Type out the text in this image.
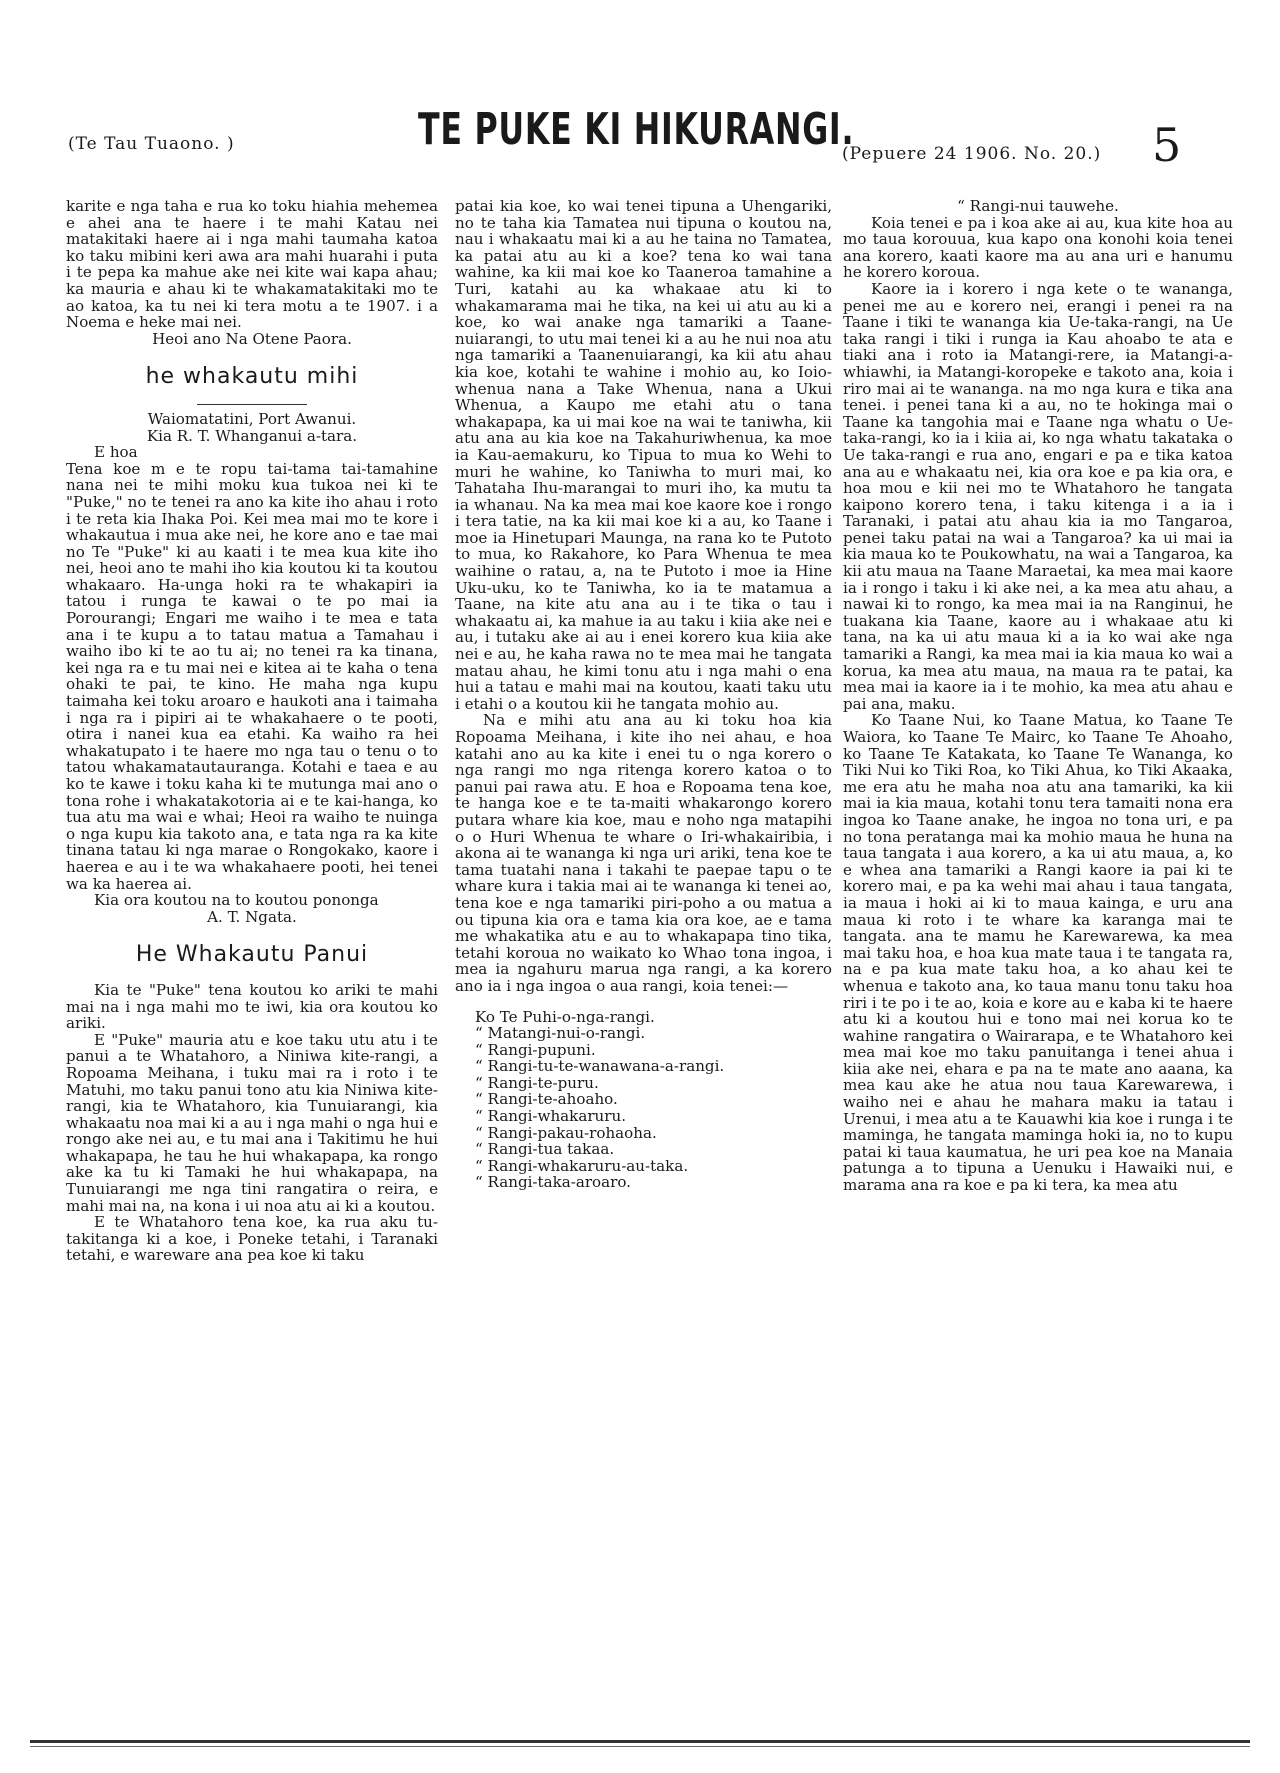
(Te Tau Tuaono. )	TE PUKE KI HIKURANGI.
(Pepuere 24 1906. No. 20.) 5

karite e nga taha e rua ko toku hiahia mehemea e ahei ana te haere i te mahi Katau nei matakitaki haere ai i nga mahi taumaha katoa ko taku mibini keri awa ara mahi huarahi i puta i te pepa ka mahue ake nei kite wai kapa ahau; ka mauria e ahau ki te whakamatakitaki mo te ao katoa, ka tu nei ki tera motu a te 1907. i a Noema e heke mai nei.

Heoi ano Na Otene Paora.

he whakautu mihi

Waiomatatini, Port Awanui.

Kia R. T. Whanganui a-tara.

E hoa

Tena koe m e te ropu tai-tama tai-tamahine nana nei te mihi moku kua tukoa nei ki te "Puke," no te tenei ra ano ka kite iho ahau i roto i te reta kia Ihaka Poi. Kei mea mai mo te kore i whakautua i mua ake nei, he kore ano e tae mai no Te "Puke" ki au kaati i te mea kua kite iho nei, heoi ano te mahi iho kia koutou ki ta koutou whakaaro. Ha-unga hoki ra te whakapiri ia tatou i runga te kawai o te po mai ia Porourangi; Engari me waiho i te mea e tata ana i te kupu a to tatau matua a Tamahau i waiho ibo ki te ao tu ai; no tenei ra ka tinana, kei nga ra e tu mai nei e kitea ai te kaha o tena ohaki te pai, te kino. He maha nga kupu taimaha kei toku aroaro e haukoti ana i taimaha i nga ra i pipiri ai te whakahaere o te pooti, otira i nanei kua ea etahi. Ka waiho ra hei whakatupato i te haere mo nga tau o tenu o to tatou whakamatautauranga. Kotahi e taea e au ko te kawe i toku kaha ki te mutunga mai ano o tona rohe i whakatakotoria ai e te kai-hanga, ko tua atu ma wai e whai; Heoi ra waiho te nuinga o nga kupu kia takoto ana, e tata nga ra ka kite tinana tatau ki nga marae o Rongokako, kaore i haerea e au i te wa whakahaere pooti, hei tenei wa ka haerea ai.

Kia ora koutou na to koutou pononga

A. T. Ngata.

He Whakautu Panui

Kia te "Puke" tena koutou ko ariki te mahi mai na i nga mahi mo te iwi, kia ora koutou ko ariki.

E "Puke" mauria atu e koe taku utu atu i te panui a te Whatahoro, a Niniwa kite-rangi, a Ropoama Meihana, i tuku mai ra i roto i te Matuhi, mo taku panui tono atu kia Niniwa kite-rangi, kia te Whatahoro, kia Tunuiarangi, kia whakaatu noa mai ki a au i nga mahi o nga hui e rongo ake nei au, e tu mai ana i Takitimu he hui whakapapa, he tau he hui whakapapa, ka rongo ake ka tu ki Tamaki he hui whakapapa, na Tunuiarangi me nga tini rangatira o reira, e mahi mai na, na kona i ui noa atu ai ki a koutou.

E te Whatahoro tena koe, ka rua aku tu-takitanga ki a koe, i Poneke tetahi, i Taranaki tetahi, e wareware ana pea koe ki taku

patai kia koe, ko wai tenei tipuna a Uhengariki, no te taha kia Tamatea nui tipuna o koutou na, nau i whakaatu mai ki a au he taina no Tamatea, ka patai atu au ki a koe? tena ko wai tana wahine, ka kii mai koe ko Taaneroa tamahine a Turi, katahi au ka whakaae atu ki to whakamarama mai he tika, na kei ui atu au ki a koe, ko wai anake nga tamariki a Taane-nuiarangi, to utu mai tenei ki a au he nui noa atu nga tamariki a Taanenuiarangi, ka kii atu ahau kia koe, kotahi te wahine i mohio au, ko Ioio-whenua nana a Take Whenua, nana a Ukui Whenua, a Kaupo me etahi atu o tana whakapapa, ka ui mai koe na wai te taniwha, kii atu ana au kia koe na Takahuriwhenua, ka moe ia Kau-aemakuru, ko Tipua to mua ko Wehi to muri he wahine, ko Taniwha to muri mai, ko Tahataha Ihu-marangai to muri iho, ka mutu ta ia whanau. Na ka mea mai koe kaore koe i rongo i tera tatie, na ka kii mai koe ki a au, ko Taane i moe ia Hinetupari Maunga, na rana ko te Putoto to mua, ko Rakahore, ko Para Whenua te mea waihine o ratau, a, na te Putoto i moe ia Hine Uku-uku, ko te Taniwha, ko ia te matamua a Taane, na kite atu ana au i te tika o tau i whakaatu ai, ka mahue ia au taku i kiia ake nei e au, i tutaku ake ai au i enei korero kua kiia ake nei e au, he kaha rawa no te mea mai he tangata matau ahau, he kimi tonu atu i nga mahi o ena hui a tatau e mahi mai na koutou, kaati taku utu i etahi o a koutou kii he tangata mohio au.

Na e mihi atu ana au ki toku hoa kia Ropoama Meihana, i kite iho nei ahau, e hoa katahi ano au ka kite i enei tu o nga korero o nga rangi mo nga ritenga korero katoa o to panui pai rawa atu. E hoa e Ropoama tena koe, te hanga koe e te ta-maiti whakarongo korero putara whare kia koe, mau e noho nga matapihi o o Huri Whenua te whare o Iri-whakairibia, i akona ai te wananga ki nga uri ariki, tena koe te tama tuatahi nana i takahi te paepae tapu o te whare kura i takia mai ai te wananga ki tenei ao, tena koe e nga tamariki piri-poho a ou matua a ou tipuna kia ora e tama kia ora koe, ae e tama me whakatika atu e au to whakapapa tino tika, tetahi koroua no waikato ko Whao tona ingoa, i mea ia ngahuru marua nga rangi, a ka korero ano ia i nga ingoa o aua rangi, koia tenei:—

Ko Te Puhi-o-nga-rangi.
“ Matangi-nui-o-rangi.
“ Rangi-pupuni.
“ Rangi-tu-te-wanawana-a-rangi.
“ Rangi-te-puru.
“ Rangi-te-ahoaho.
“ Rangi-whakaruru.
“ Rangi-pakau-rohaoha.
“ Rangi-tua takaa.
“ Rangi-whakaruru-au-taka.
“ Rangi-taka-aroaro.

“ Rangi-nui tauwehe.

Koia tenei e pa i koa ake ai au, kua kite hoa au mo taua korouua, kua kapo ona konohi koia tenei ana korero, kaati kaore ma au ana uri e hanumu he korero koroua.

Kaore ia i korero i nga kete o te wananga, penei me au e korero nei, erangi i penei ra na Taane i tiki te wananga kia Ue-taka-rangi, na Ue taka rangi i tiki i runga ia Kau ahoabo te ata e tiaki ana i roto ia Matangi-rere, ia Matangi-a-whiawhi, ia Matangi-koropeke e takoto ana, koia i riro mai ai te wananga. na mo nga kura e tika ana tenei. i penei tana ki a au, no te hokinga mai o Taane ka tangohia mai e Taane nga whatu o Ue-taka-rangi, ko ia i kiia ai, ko nga whatu takataka o Ue taka-rangi e rua ano, engari e pa e tika katoa ana au e whakaatu nei, kia ora koe e pa kia ora, e hoa mou e kii nei mo te Whatahoro he tangata kaipono korero tena, i taku kitenga i a ia i Taranaki, i patai atu ahau kia ia mo Tangaroa, penei taku patai na wai a Tangaroa? ka ui mai ia kia maua ko te Poukowhatu, na wai a Tangaroa, ka kii atu maua na Taane Maraetai, ka mea mai kaore ia i rongo i taku i ki ake nei, a ka mea atu ahau, a nawai ki to rongo, ka mea mai ia na Ranginui, he tuakana kia Taane, kaore au i whakaae atu ki tana, na ka ui atu maua ki a ia ko wai ake nga tamariki a Rangi, ka mea mai ia kia maua ko wai a koruа, ka mea atu maua, na maua ra te patai, ka mea mai ia kaore ia i te mohio, ka mea atu ahau e pai ana, maku.

Ko Taane Nui, ko Taane Matua, ko Taane Te Waiora, ko Taane Te Mairc, ko Taane Te Ahoaho, ko Taane Te Katakata, ko Taane Te Wananga, ko Tiki Nui ko Tiki Roa, ko Tiki Ahua, ko Tiki Akaaka, me era atu he maha noa atu ana tamariki, ka kii mai ia kia maua, kotahi tonu tera tamaiti nona era ingoa ko Taane anake, he ingoa no tona uri, e pa no tona peratanga mai ka mohio maua he huna na taua tangata i aua korero, a ka ui atu maua, a, ko e whea ana tamariki a Rangi kaore ia pai ki te korero mai, e pa ka wehi mai ahau i taua tangata, ia maua i hoki ai ki to maua kainga, e uru ana maua ki roto i te whare ka karanga mai te tangata. ana te mamu he Karewarewa, ka mea mai taku hoa, e hoa kua mate taua i te tangata ra, na e pa kua mate taku hoa, a ko ahau kei te whenua e takoto ana, ko taua manu tonu taku hoa riri i te po i te ao, koia e kore au e kaba ki te haere atu ki a koutou hui e tono mai nei koruа ko te wahine rangatira o Wairarapa, e te Whatahoro kei mea mai koe mo taku panuitanga i tenei ahua i kiia ake nei, ehara e pa na te mate ano aaana, ka mea kau ake he atua nou taua Karewarewa, i waiho nei e ahau he mahara maku ia tatau i Urenui, i mea atu a te Kauawhi kia koe i runga i te maminga, he tangata maminga hoki ia, no to kupu patai ki taua kaumatua, he uri pea koe na Manaia patunga a to tipuna a Uenuku i Hawaiki nui, e marama ana ra koe e pa ki tera, ka mea atu
